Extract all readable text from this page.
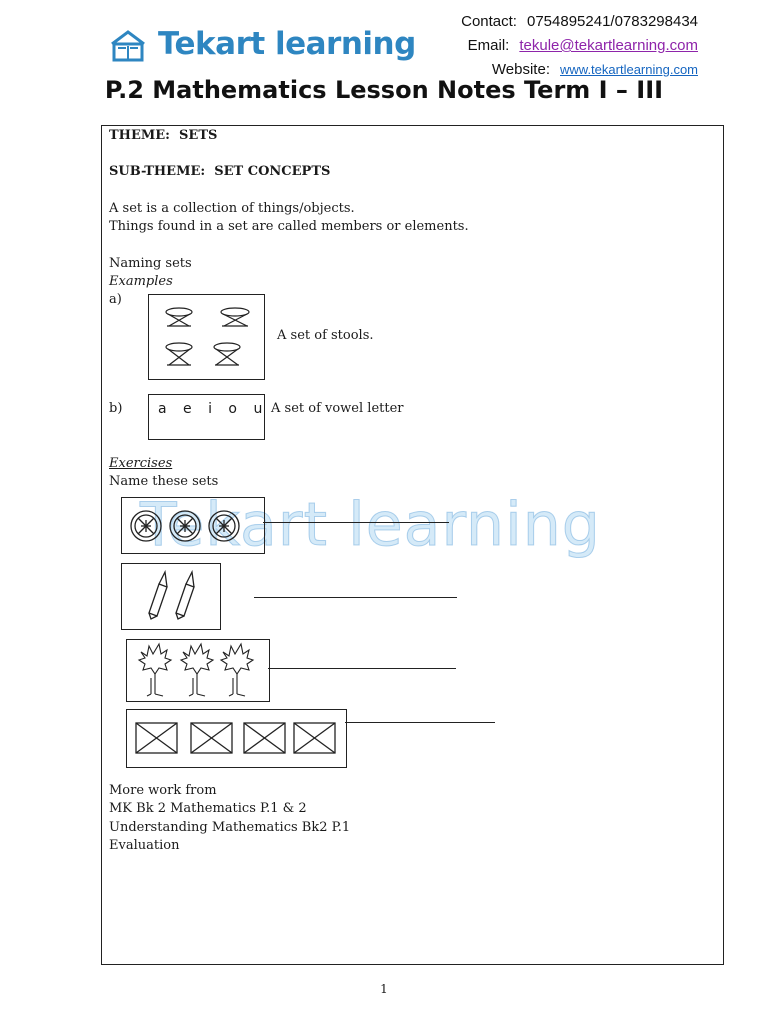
Tekart learning
Contact: 0754895241/0783298434
Email: tekule@tekartlearning.com
Website: www.tekartlearning.com
P.2 Mathematics Lesson Notes Term I – III
Tekart learning
THEME: SETS
SUB-THEME: SET CONCEPTS
A set is a collection of things/objects.
Things found in a set are called members or elements.
Naming sets
Examples
a)
A set of stools.
b)	a e i o u A set of vowel letter
Exercises
Name these sets
More work from
MK Bk 2 Mathematics P.1 & 2
Understanding Mathematics Bk2 P.1
Evaluation
1
